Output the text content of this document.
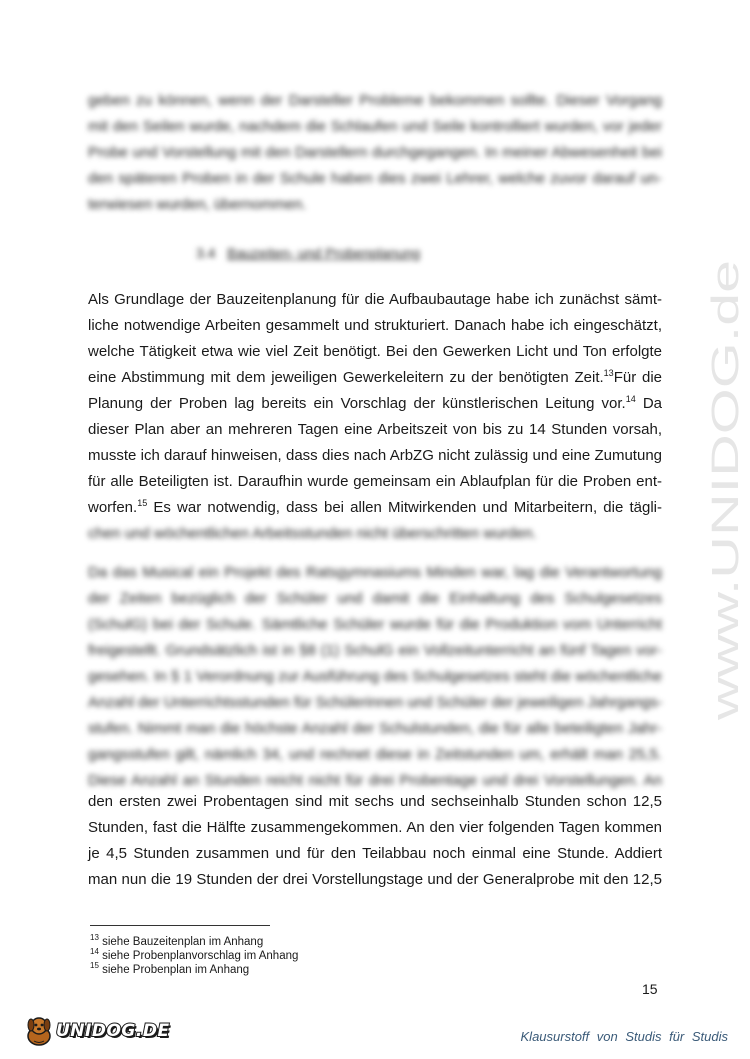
geben zu können, wenn der Darsteller Probleme bekommen sollte. Dieser Vorgang
mit den Seilen wurde, nachdem die Schlaufen und Seile kontrolliert wurden, vor jeder
Probe und Vorstellung mit den Darstellern durchgegangen. In meiner Abwesenheit bei
den späteren Proben in der Schule haben dies zwei Lehrer, welche zuvor darauf un-
terwiesen wurden, übernommen.
3.4 Bauzeiten- und Probenplanung
Als Grundlage der Bauzeitenplanung für die Aufbaubautage habe ich zunächst sämt-
liche notwendige Arbeiten gesammelt und strukturiert. Danach habe ich eingeschätzt,
welche Tätigkeit etwa wie viel Zeit benötigt. Bei den Gewerken Licht und Ton erfolgte
eine Abstimmung mit dem jeweiligen Gewerkeleitern zu der benötigten Zeit.$^{13}$Für die
Planung der Proben lag bereits ein Vorschlag der künstlerischen Leitung vor.$^{14}$ Da
dieser Plan aber an mehreren Tagen eine Arbeitszeit von bis zu 14 Stunden vorsah,
musste ich darauf hinweisen, dass dies nach ArbZG nicht zulässig und eine Zumutung
für alle Beteiligten ist. Daraufhin wurde gemeinsam ein Ablaufplan für die Proben ent-
worfen.$^{15}$ Es war notwendig, dass bei allen Mitwirkenden und Mitarbeitern, die tägli-
chen und wöchentlichen Arbeitsstunden nicht überschritten wurden.
Da das Musical ein Projekt des Ratsgymnasiums Minden war, lag die Verantwortung
der Zeiten bezüglich der Schüler und damit die Einhaltung des Schulgesetzes
(SchulG) bei der Schule. Sämtliche Schüler wurde für die Produktion vom Unterricht
freigestellt. Grundsätzlich ist in §8 (1) SchulG ein Vollzeitunterricht an fünf Tagen vor-
gesehen. In § 1 Verordnung zur Ausführung des Schulgesetzes steht die wöchentliche
Anzahl der Unterrichtsstunden für Schülerinnen und Schüler der jeweiligen Jahrgangs-
stufen. Nimmt man die höchste Anzahl der Schulstunden, die für alle beteiligten Jahr-
gangsstufen gilt, nämlich 34, und rechnet diese in Zeitstunden um, erhält man 25,5.
Diese Anzahl an Stunden reicht nicht für drei Probentage und drei Vorstellungen. An
den ersten zwei Probentagen sind mit sechs und sechseinhalb Stunden schon 12,5
Stunden, fast die Hälfte zusammengekommen. An den vier folgenden Tagen kommen
je 4,5 Stunden zusammen und für den Teilabbau noch einmal eine Stunde. Addiert
man nun die 19 Stunden der drei Vorstellungstage und der Generalprobe mit den 12,5
$^{13}$ siehe Bauzeitenplan im Anhang
$^{14}$ siehe Probenplanvorschlag im Anhang
$^{15}$ siehe Probenplan im Anhang
15
www.UNIDOG.de
UNIDOG.DE	Klausurstoff von Studis für Studis
